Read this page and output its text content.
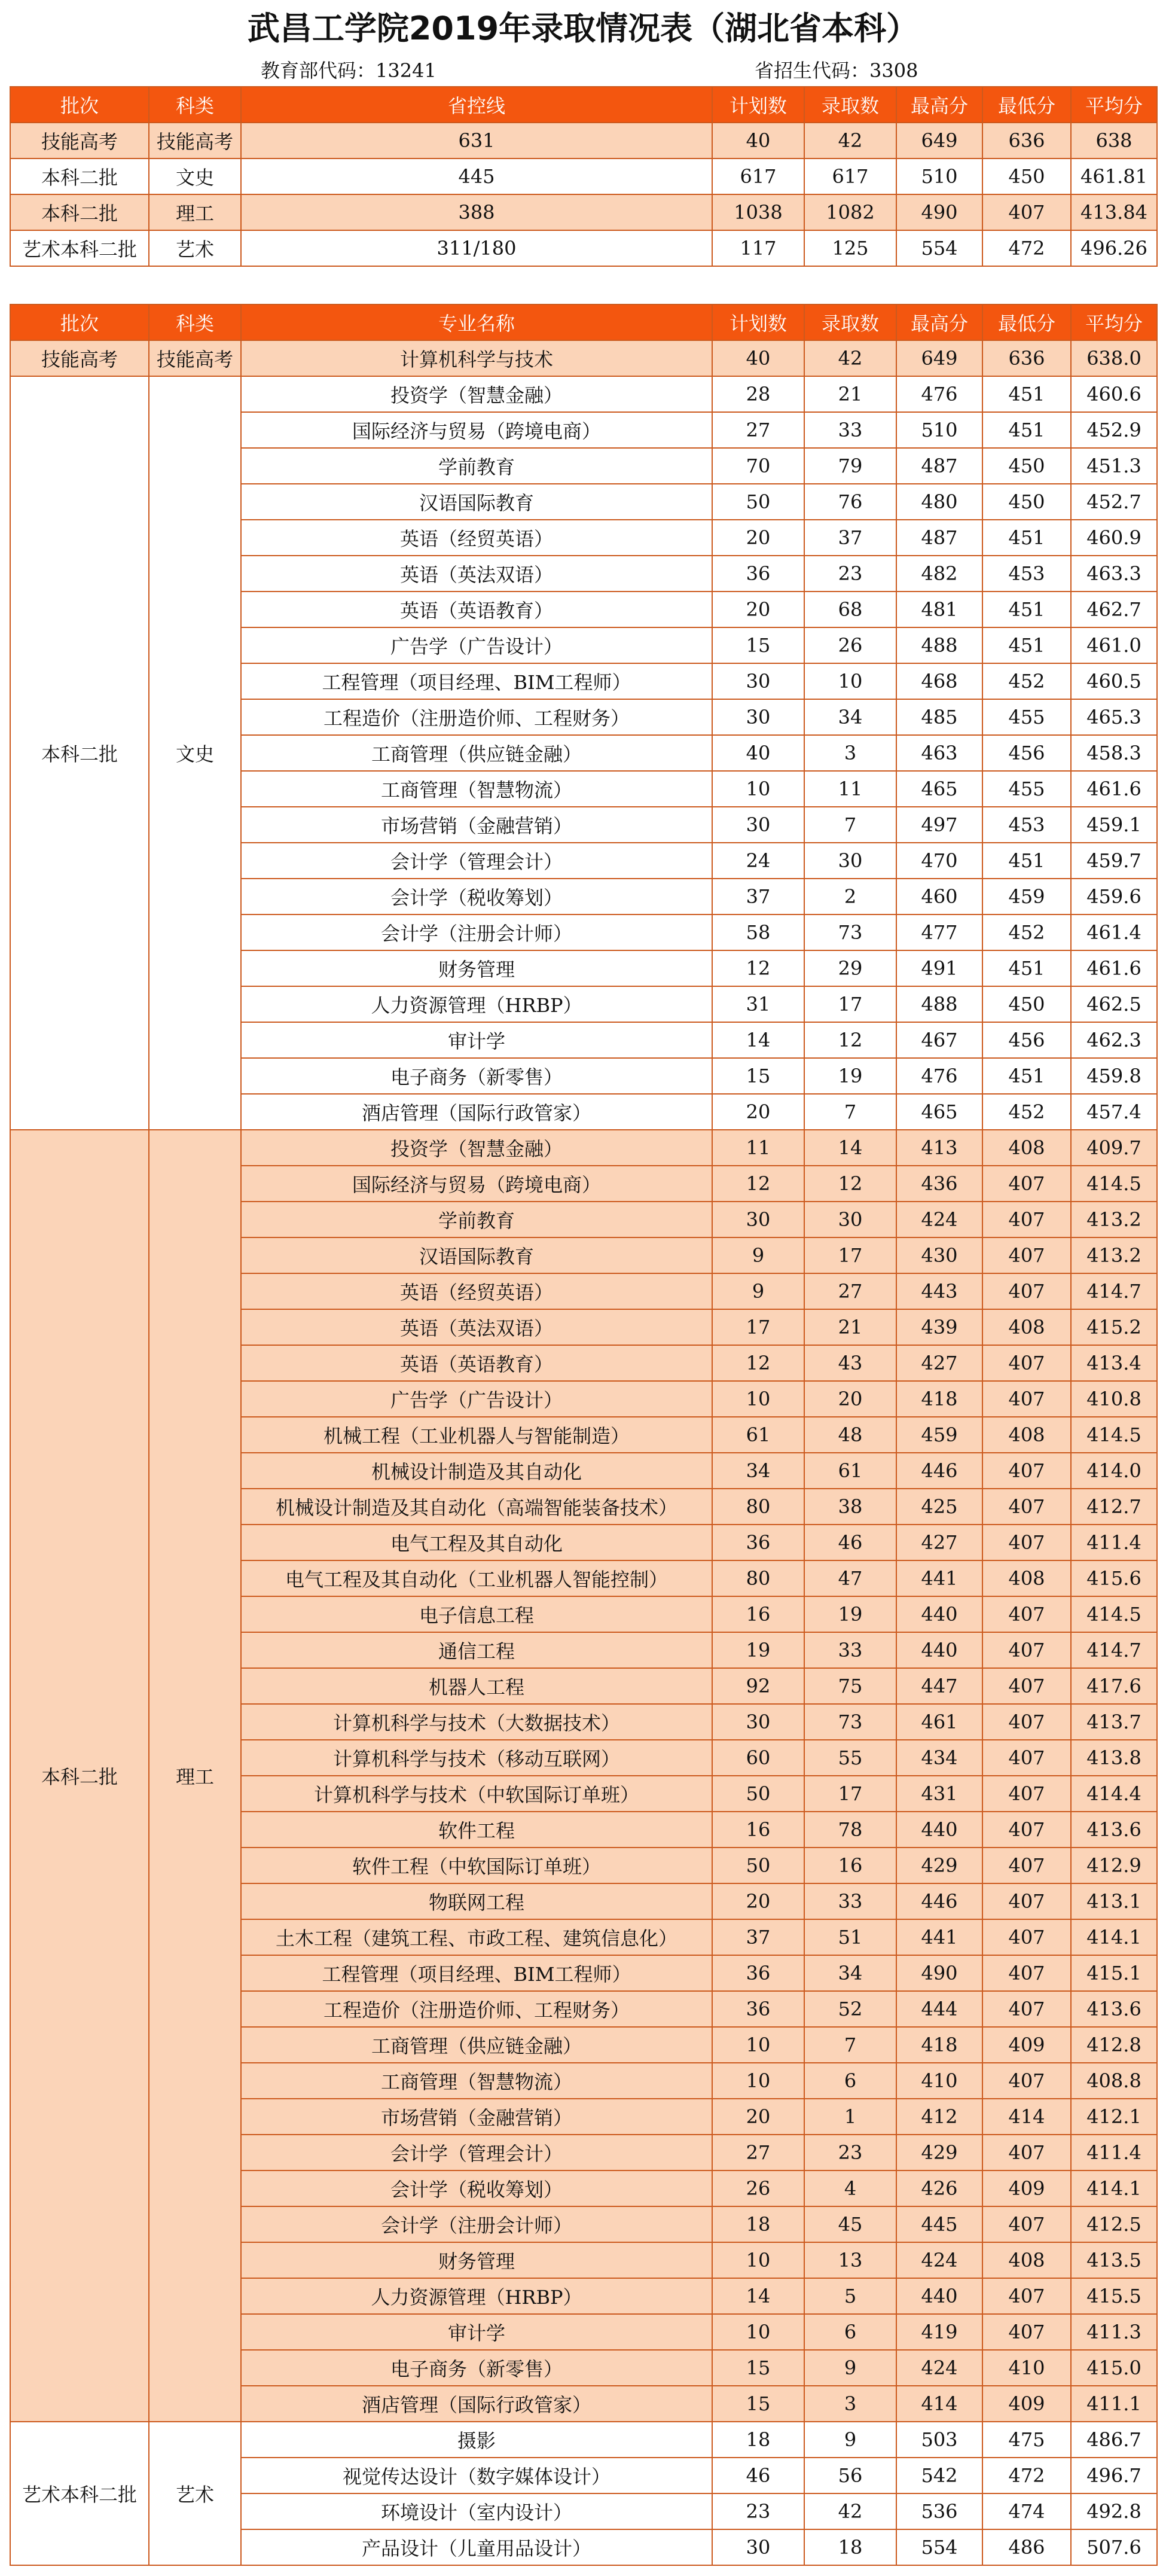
武昌工学院2019年录取情况表（湖北省本科）
教育部代码：13241	省招生代码：3308
批次	科类	省控线	计划数	录取数	最高分	最低分	平均分
技能高考	技能高考	631	40	42	649	636	638
本科二批	文史	445	617	617	510	450	461.81
本科二批	理工	388	1038	1082	490	407	413.84
艺术本科二批	艺术	311/180	117	125	554	472	496.26
批次	科类	专业名称	计划数	录取数	最高分	最低分	平均分
技能高考	技能高考	计算机科学与技术	40	42	649	636	638.0
本科二批	文史	投资学（智慧金融）	28	21	476	451	460.6
		国际经济与贸易（跨境电商）	27	33	510	451	452.9
		学前教育	70	79	487	450	451.3
		汉语国际教育	50	76	480	450	452.7
		英语（经贸英语）	20	37	487	451	460.9
		英语（英法双语）	36	23	482	453	463.3
		英语（英语教育）	20	68	481	451	462.7
		广告学（广告设计）	15	26	488	451	461.0
		工程管理（项目经理、BIM工程师）	30	10	468	452	460.5
		工程造价（注册造价师、工程财务）	30	34	485	455	465.3
		工商管理（供应链金融）	40	3	463	456	458.3
		工商管理（智慧物流）	10	11	465	455	461.6
		市场营销（金融营销）	30	7	497	453	459.1
		会计学（管理会计）	24	30	470	451	459.7
		会计学（税收筹划）	37	2	460	459	459.6
		会计学（注册会计师）	58	73	477	452	461.4
		财务管理	12	29	491	451	461.6
		人力资源管理（HRBP）	31	17	488	450	462.5
		审计学	14	12	467	456	462.3
		电子商务（新零售）	15	19	476	451	459.8
		酒店管理（国际行政管家）	20	7	465	452	457.4
本科二批	理工	投资学（智慧金融）	11	14	413	408	409.7
		国际经济与贸易（跨境电商）	12	12	436	407	414.5
		学前教育	30	30	424	407	413.2
		汉语国际教育	9	17	430	407	413.2
		英语（经贸英语）	9	27	443	407	414.7
		英语（英法双语）	17	21	439	408	415.2
		英语（英语教育）	12	43	427	407	413.4
		广告学（广告设计）	10	20	418	407	410.8
		机械工程（工业机器人与智能制造）	61	48	459	408	414.5
		机械设计制造及其自动化	34	61	446	407	414.0
		机械设计制造及其自动化（高端智能装备技术）	80	38	425	407	412.7
		电气工程及其自动化	36	46	427	407	411.4
		电气工程及其自动化（工业机器人智能控制）	80	47	441	408	415.6
		电子信息工程	16	19	440	407	414.5
		通信工程	19	33	440	407	414.7
		机器人工程	92	75	447	407	417.6
		计算机科学与技术（大数据技术）	30	73	461	407	413.7
		计算机科学与技术（移动互联网）	60	55	434	407	413.8
		计算机科学与技术（中软国际订单班）	50	17	431	407	414.4
		软件工程	16	78	440	407	413.6
		软件工程（中软国际订单班）	50	16	429	407	412.9
		物联网工程	20	33	446	407	413.1
		土木工程（建筑工程、市政工程、建筑信息化）	37	51	441	407	414.1
		工程管理（项目经理、BIM工程师）	36	34	490	407	415.1
		工程造价（注册造价师、工程财务）	36	52	444	407	413.6
		工商管理（供应链金融）	10	7	418	409	412.8
		工商管理（智慧物流）	10	6	410	407	408.8
		市场营销（金融营销）	20	1	412	414	412.1
		会计学（管理会计）	27	23	429	407	411.4
		会计学（税收筹划）	26	4	426	409	414.1
		会计学（注册会计师）	18	45	445	407	412.5
		财务管理	10	13	424	408	413.5
		人力资源管理（HRBP）	14	5	440	407	415.5
		审计学	10	6	419	407	411.3
		电子商务（新零售）	15	9	424	410	415.0
		酒店管理（国际行政管家）	15	3	414	409	411.1
艺术本科二批	艺术	摄影	18	9	503	475	486.7
		视觉传达设计（数字媒体设计）	46	56	542	472	496.7
		环境设计（室内设计）	23	42	536	474	492.8
		产品设计（儿童用品设计）	30	18	554	486	507.6
